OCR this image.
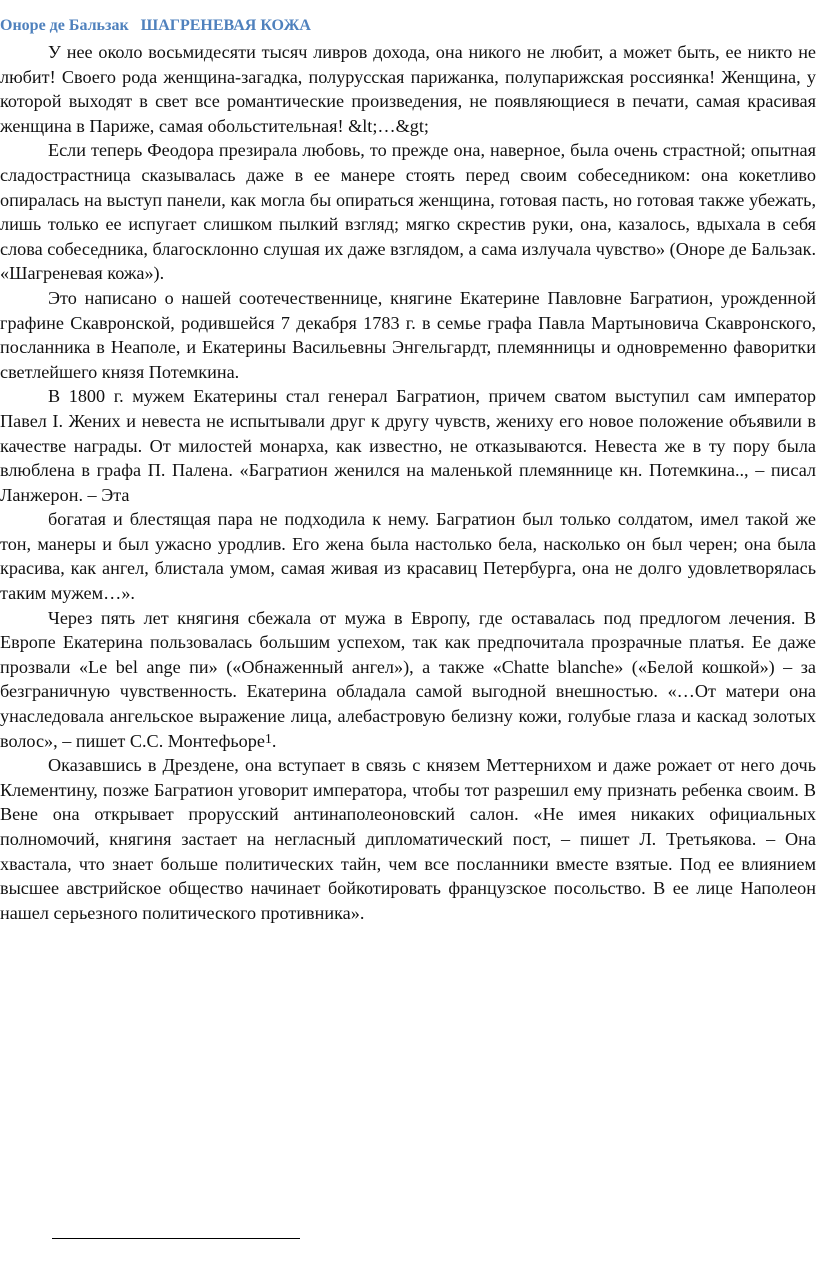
Оноре де Бальзак ШАГРЕНЕВАЯ КОЖА

У нее около восьмидесяти тысяч ливров дохода, она никого не любит, а может быть, ее никто не любит! Своего рода женщина-загадка, полурусская парижанка, полупарижская россиянка! Женщина, у которой выходят в свет все романтические произведения, не появляющиеся в печати, самая красивая женщина в Париже, самая обольстительная! &lt;…&gt;

Если теперь Феодора презирала любовь, то прежде она, наверное, была очень страстной; опытная сладострастница сказывалась даже в ее манере стоять перед своим собеседником: она кокетливо опиралась на выступ панели, как могла бы опираться женщина, готовая пасть, но готовая также убежать, лишь только ее испугает слишком пылкий взгляд; мягко скрестив руки, она, казалось, вдыхала в себя слова собеседника, благосклонно слушая их даже взглядом, а сама излучала чувство» (Оноре де Бальзак. «Шагреневая кожа»).

Это написано о нашей соотечественнице, княгине Екатерине Павловне Багратион, урожденной графине Скавронской, родившейся 7 декабря 1783 г. в семье графа Павла Мартыновича Скавронского, посланника в Неаполе, и Екатерины Васильевны Энгельгардт, племянницы и одновременно фаворитки светлейшего князя Потемкина.

В 1800 г. мужем Екатерины стал генерал Багратион, причем сватом выступил сам император Павел I. Жених и невеста не испытывали друг к другу чувств, жениху его новое положение объявили в качестве награды. От милостей монарха, как известно, не отказываются. Невеста же в ту пору была влюблена в графа П. Палена. «Багратион женился на маленькой племяннице кн. Потемкина.., – писал Ланжерон. – Эта

богатая и блестящая пара не подходила к нему. Багратион был только солдатом, имел такой же тон, манеры и был ужасно уродлив. Его жена была настолько бела, насколько он был черен; она была красива, как ангел, блистала умом, самая живая из красавиц Петербурга, она не долго удовлетворялась таким мужем…».

Через пять лет княгиня сбежала от мужа в Европу, где оставалась под предлогом лечения. В Европе Екатерина пользовалась большим успехом, так как предпочитала прозрачные платья. Ее даже прозвали «Le bel ange пи» («Обнаженный ангел»), а также «Chatte blanche» («Белой кошкой») – за безграничную чувственность. Екатерина обладала самой выгодной внешностью. «…От матери она унаследовала ангельское выражение лица, алебастровую белизну кожи, голубые глаза и каскад золотых волос», – пишет С.С. Монтефьоре$^1$.

Оказавшись в Дрездене, она вступает в связь с князем Меттернихом и даже рожает от него дочь Клементину, позже Багратион уговорит императора, чтобы тот разрешил ему признать ребенка своим. В Вене она открывает прорусский антинаполеоновский салон. «Не имея никаких официальных полномочий, княгиня застает на негласный дипломатический пост, – пишет Л. Третьякова. – Она хвастала, что знает больше политических тайн, чем все посланники вместе взятые. Под ее влиянием высшее австрийское общество начинает бойкотировать французское посольство. В ее лице Наполеон нашел серьезного политического противника».
